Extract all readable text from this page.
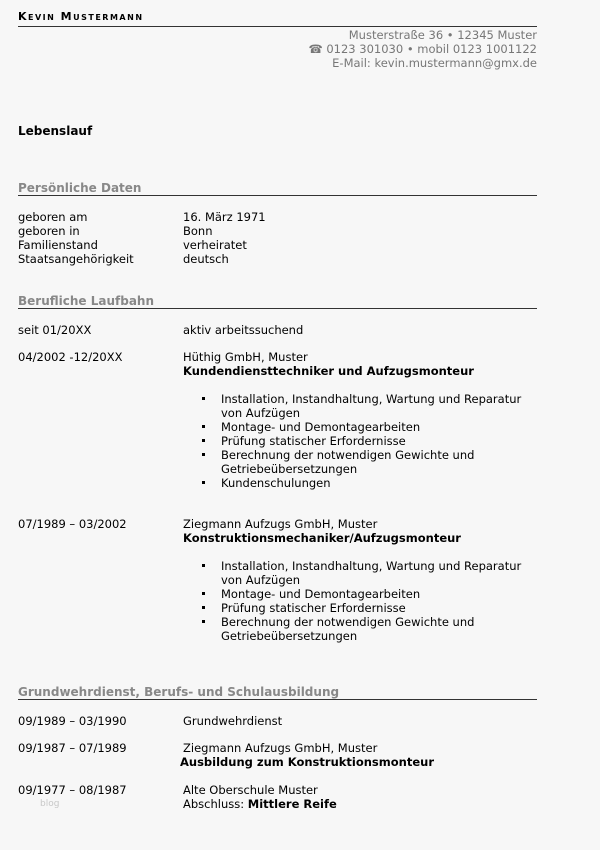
Kevin Mustermann
Musterstraße 36 • 12345 Muster
☎ 0123 301030 • mobil 0123 1001122
E-Mail: kevin.mustermann@gmx.de
Lebenslauf
Persönliche Daten
geboren am	16. März 1971
geboren in	Bonn
Familienstand	verheiratet
Staatsangehörigkeit	deutsch
Berufliche Laufbahn
seit 01/20XX	aktiv arbeitssuchend
04/2002 -12/20XX	Hüthig GmbH, Muster
Kundendiensttechniker und Aufzugsmonteur
Installation, Instandhaltung, Wartung und Reparatur von Aufzügen
Montage- und Demontagearbeiten
Prüfung statischer Erfordernisse
Berechnung der notwendigen Gewichte und Getriebeübersetzungen
Kundenschulungen
07/1989 – 03/2002	Ziegmann Aufzugs GmbH, Muster
Konstruktionsmechaniker/Aufzugsmonteur
Installation, Instandhaltung, Wartung und Reparatur von Aufzügen
Montage- und Demontagearbeiten
Prüfung statischer Erfordernisse
Berechnung der notwendigen Gewichte und Getriebeübersetzungen
Grundwehrdienst, Berufs- und Schulausbildung
09/1989 – 03/1990	Grundwehrdienst
09/1987 – 07/1989	Ziegmann Aufzugs GmbH, Muster
Ausbildung zum Konstruktionsmonteur
09/1977 – 08/1987	Alte Oberschule Muster
Abschluss: Mittlere Reife
blog
